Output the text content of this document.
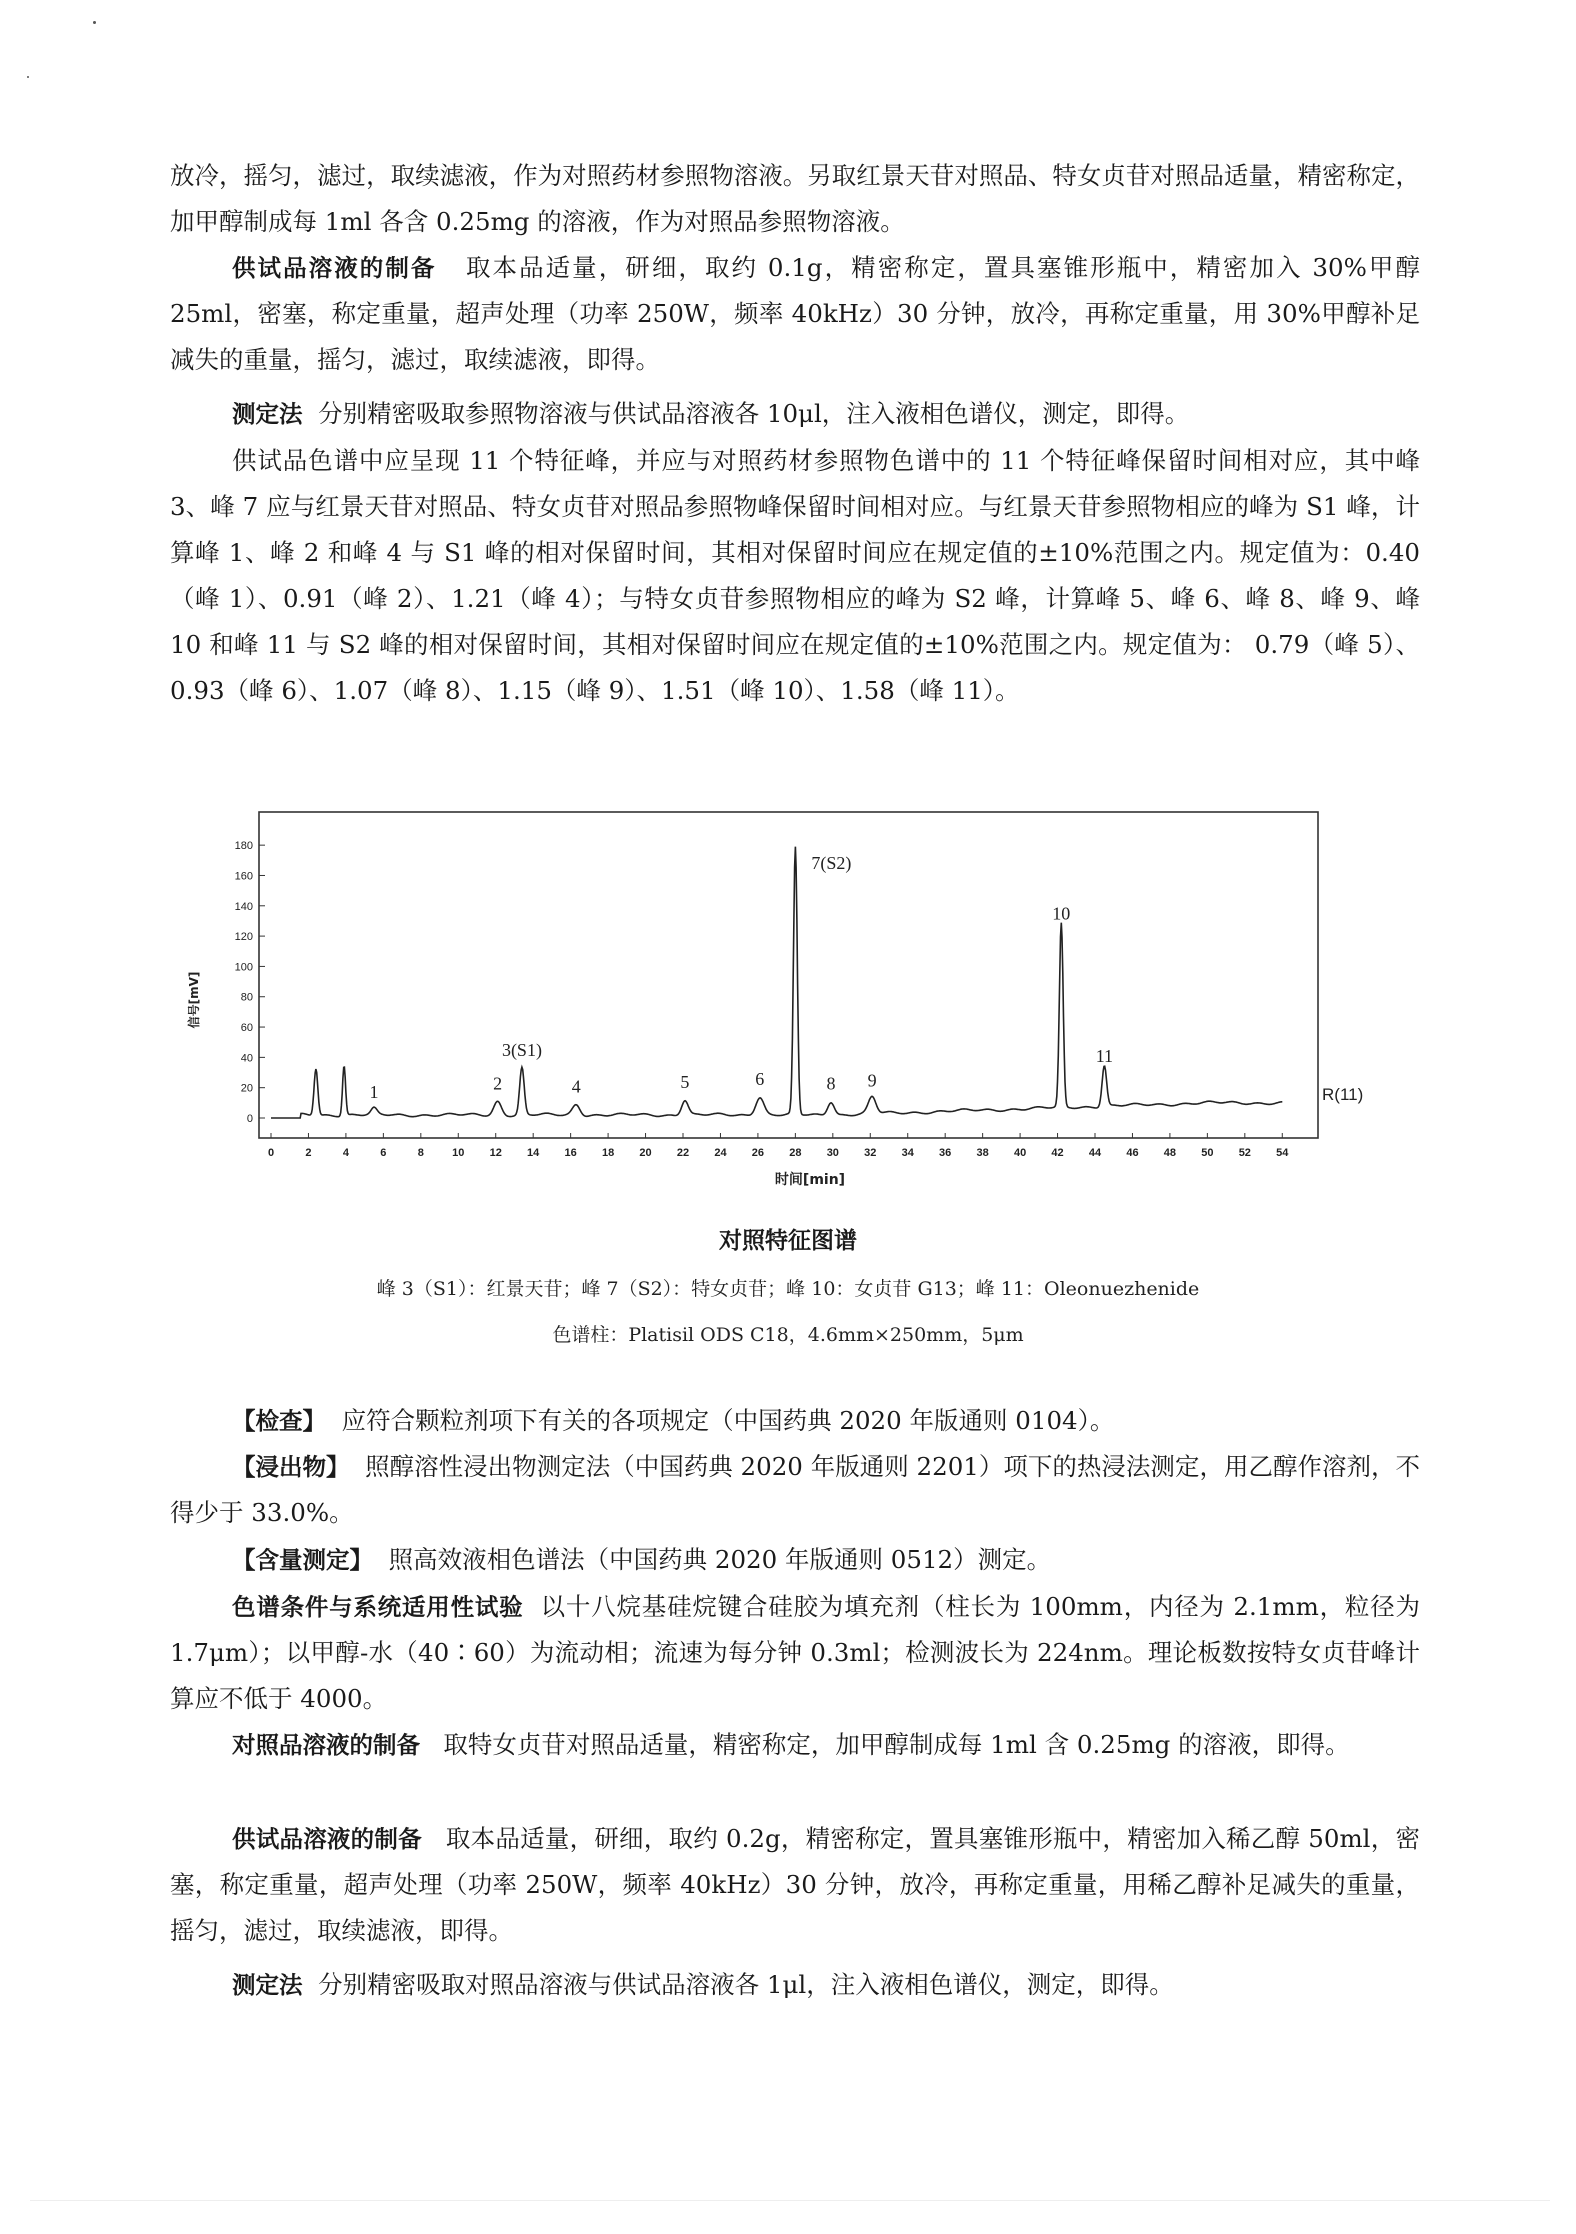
放冷，摇匀，滤过，取续滤液，作为对照药材参照物溶液。另取红景天苷对照品、特女贞苷对照品适量，精密称定，加甲醇制成每 1ml 各含 0.25mg 的溶液，作为对照品参照物溶液。

供试品溶液的制备 取本品适量，研细，取约 0.1g，精密称定，置具塞锥形瓶中，精密加入 30%甲醇 25ml，密塞，称定重量，超声处理（功率 250W，频率 40kHz）30 分钟，放冷，再称定重量，用 30%甲醇补足减失的重量，摇匀，滤过，取续滤液，即得。

测定法 分别精密吸取参照物溶液与供试品溶液各 10μl，注入液相色谱仪，测定，即得。

供试品色谱中应呈现 11 个特征峰，并应与对照药材参照物色谱中的 11 个特征峰保留时间相对应，其中峰 3、峰 7 应与红景天苷对照品、特女贞苷对照品参照物峰保留时间相对应。与红景天苷参照物相应的峰为 S1 峰，计算峰 1、峰 2 和峰 4 与 S1 峰的相对保留时间，其相对保留时间应在规定值的±10%范围之内。规定值为：0.40（峰 1）、0.91（峰 2）、1.21（峰 4）；与特女贞苷参照物相应的峰为 S2 峰，计算峰 5、峰 6、峰 8、峰 9、峰 10 和峰 11 与 S2 峰的相对保留时间，其相对保留时间应在规定值的±10%范围之内。规定值为： 0.79（峰 5）、0.93（峰 6）、1.07（峰 8）、1.15（峰 9）、1.51（峰 10）、1.58（峰 11）。

0
20
40
60
80
100
120
140
160
180
0	2	4	6	8	10 12 14 16 18 20 22 24 26 28 30 32 34 36 38 40 42 44 46 48 50 52 54
1	2
3(S1)
4	5	6
7(S2)
8 9
10
11
R(11)
时间[min]
信号[mV]
对照特征图谱
峰 3（S1）：红景天苷；峰 7（S2）：特女贞苷；峰 10：女贞苷 G13；峰 11：Oleonuezhenide
色谱柱：Platisil ODS C18，4.6mm×250mm，5μm

【检查】 应符合颗粒剂项下有关的各项规定（中国药典 2020 年版通则 0104）。

【浸出物】 照醇溶性浸出物测定法（中国药典 2020 年版通则 2201）项下的热浸法测定，用乙醇作溶剂，不得少于 33.0%。

【含量测定】 照高效液相色谱法（中国药典 2020 年版通则 0512）测定。

色谱条件与系统适用性试验 以十八烷基硅烷键合硅胶为填充剂（柱长为 100mm，内径为 2.1mm，粒径为 1.7μm）；以甲醇-水（40∶60）为流动相；流速为每分钟 0.3ml；检测波长为 224nm。理论板数按特女贞苷峰计算应不低于 4000。

对照品溶液的制备 取特女贞苷对照品适量，精密称定，加甲醇制成每 1ml 含 0.25mg 的溶液，即得。

供试品溶液的制备 取本品适量，研细，取约 0.2g，精密称定，置具塞锥形瓶中，精密加入稀乙醇 50ml，密塞，称定重量，超声处理（功率 250W，频率 40kHz）30 分钟，放冷，再称定重量，用稀乙醇补足减失的重量，摇匀，滤过，取续滤液，即得。

测定法 分别精密吸取对照品溶液与供试品溶液各 1μl，注入液相色谱仪，测定，即得。
